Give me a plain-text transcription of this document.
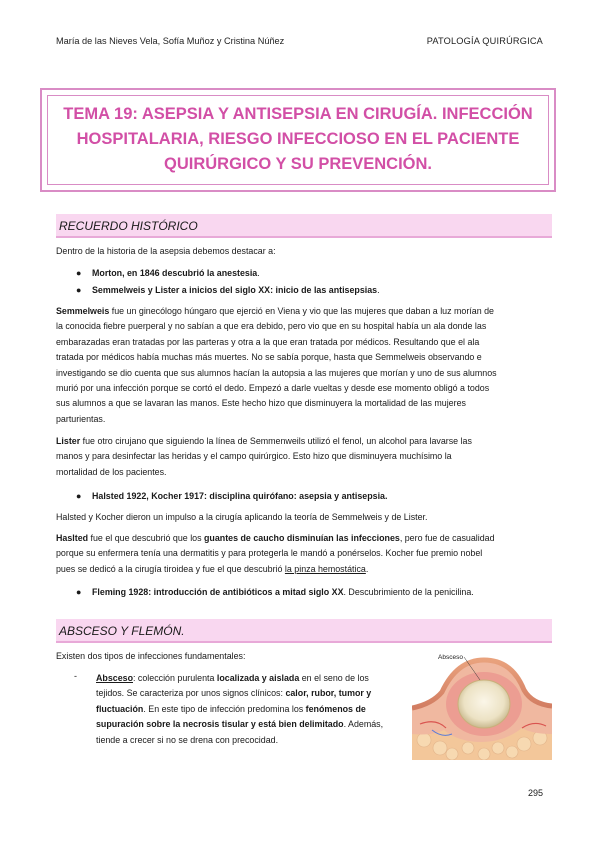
María de las Nieves Vela, Sofía Muñoz y Cristina Núñez	PATOLOGÍA QUIRÚRGICA
TEMA 19: ASEPSIA Y ANTISEPSIA EN CIRUGÍA. INFECCIÓN
HOSPITALARIA, RIESGO INFECCIOSO EN EL PACIENTE
QUIRÚRGICO Y SU PREVENCIÓN.
RECUERDO HISTÓRICO
Dentro de la historia de la asepsia debemos destacar a:
● Morton, en 1846 descubrió la anestesia.
● Semmelweis y Lister a inicios del siglo XX: inicio de las antisepsias.
Semmelweis fue un ginecólogo húngaro que ejerció en Viena y vio que las mujeres que daban a luz morían de
la conocida fiebre puerperal y no sabían a que era debido, pero vio que en su hospital había un ala donde las
embarazadas eran tratadas por las parteras y otra a la que eran tratada por médicos. Resultando que el ala
tratada por médicos había muchas más muertes. No se sabía porque, hasta que Semmelweis observando e
investigando se dio cuenta que sus alumnos hacían la autopsia a las mujeres que morían y uno de sus alumnos
murió por una infección porque se cortó el dedo. Empezó a darle vueltas y desde ese momento obligó a todos
sus alumnos a que se lavaran las manos. Este hecho hizo que disminuyera la mortalidad de las mujeres
parturientas.
Lister fue otro cirujano que siguiendo la línea de Semmenweils utilizó el fenol, un alcohol para lavarse las
manos y para desinfectar las heridas y el campo quirúrgico. Esto hizo que disminuyera muchísimo la
mortalidad de los pacientes.
● Halsted 1922, Kocher 1917: disciplina quirófano: asepsia y antisepsia.
Halsted y Kocher dieron un impulso a la cirugía aplicando la teoría de Semmelweis y de Lister.
Haslted fue el que descubrió que los guantes de caucho disminuían las infecciones, pero fue de casualidad
porque su enfermera tenía una dermatitis y para protegerla le mandó a ponérselos. Kocher fue premio nobel
pues se dedicó a la cirugía tiroidea y fue el que descubrió la pinza hemostática.
● Fleming 1928: introducción de antibióticos a mitad siglo XX. Descubrimiento de la penicilina.
ABSCESO Y FLEMÓN.
Existen dos tipos de infecciones fundamentales:
- Absceso: colección purulenta localizada y aislada en el seno de los
tejidos. Se caracteriza por unos signos clínicos: calor, rubor, tumor y
fluctuación. En este tipo de infección predomina los fenómenos de
supuración sobre la necrosis tisular y está bien delimitado. Además,
tiende a crecer si no se drena con precocidad.
Absceso
295
